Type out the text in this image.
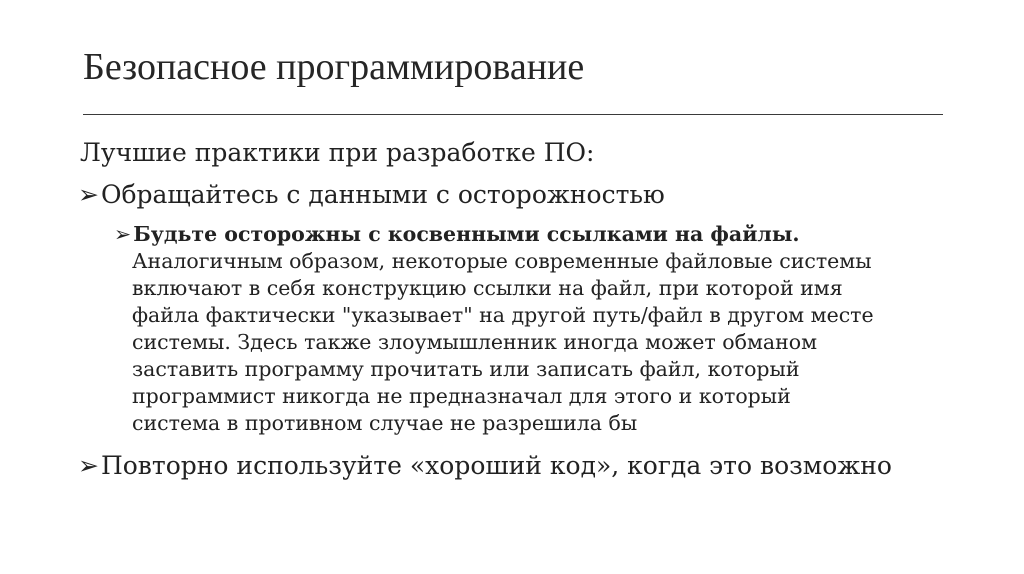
Безопасное программирование
Лучшие практики при разработке ПО:
➢Обращайтесь с данными с осторожностью
➢Будьте осторожны с косвенными ссылками на файлы.
Аналогичным образом, некоторые современные файловые системы
включают в себя конструкцию ссылки на файл, при которой имя
файла фактически "указывает" на другой путь/файл в другом месте
системы. Здесь также злоумышленник иногда может обманом
заставить программу прочитать или записать файл, который
программист никогда не предназначал для этого и который
система в противном случае не разрешила бы
➢Повторно используйте «хороший код», когда это возможно
